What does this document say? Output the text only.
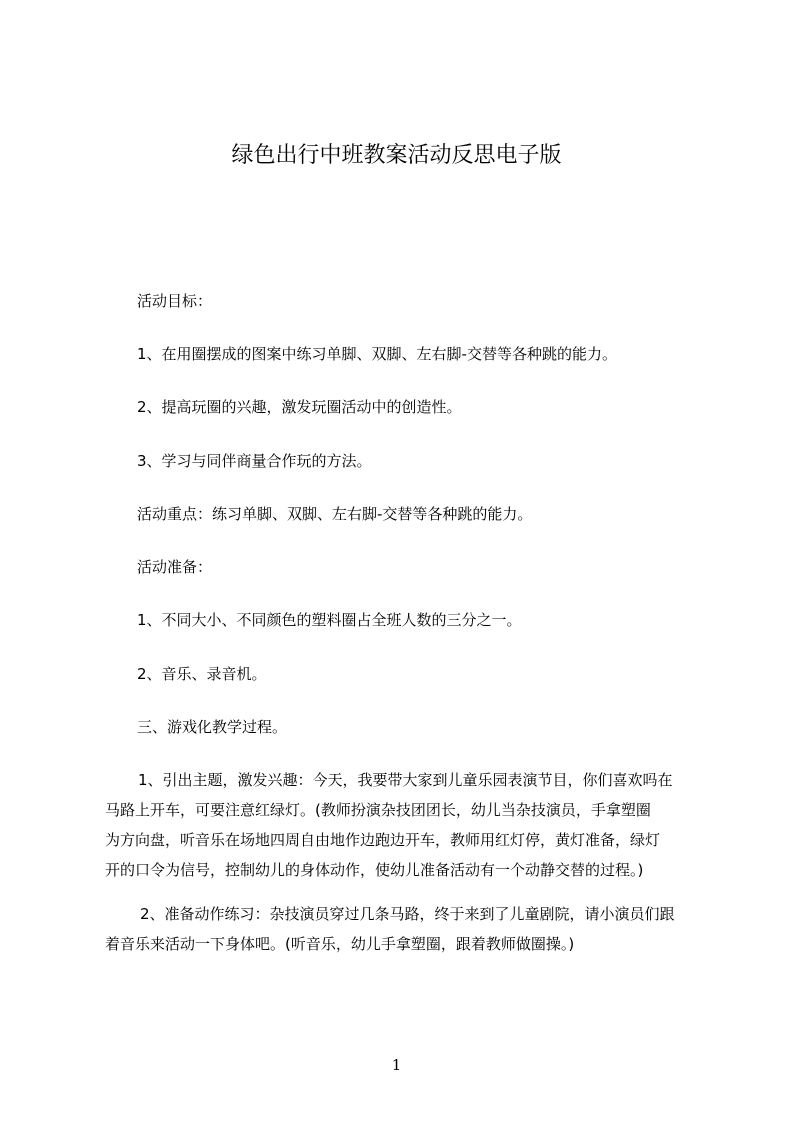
绿色出行中班教案活动反思电子版

活动目标：

1、在用圈摆成的图案中练习单脚、双脚、左右脚-交替等各种跳的能力。

2、提高玩圈的兴趣，激发玩圈活动中的创造性。

3、学习与同伴商量合作玩的方法。

活动重点：练习单脚、双脚、左右脚-交替等各种跳的能力。

活动准备：

1、不同大小、不同颜色的塑料圈占全班人数的三分之一。

2、音乐、录音机。

三、游戏化教学过程。

1、引出主题，激发兴趣：今天，我要带大家到儿童乐园表演节目，你们喜欢吗在
马路上开车，可要注意红绿灯。(教师扮演杂技团团长，幼儿当杂技演员，手拿塑圈
为方向盘，听音乐在场地四周自由地作边跑边开车，教师用红灯停，黄灯准备，绿灯
开的口令为信号，控制幼儿的身体动作，使幼儿准备活动有一个动静交替的过程。)
2、准备动作练习：杂技演员穿过几条马路，终于来到了儿童剧院，请小演员们跟
着音乐来活动一下身体吧。(听音乐，幼儿手拿塑圈，跟着教师做圈操。)
1
